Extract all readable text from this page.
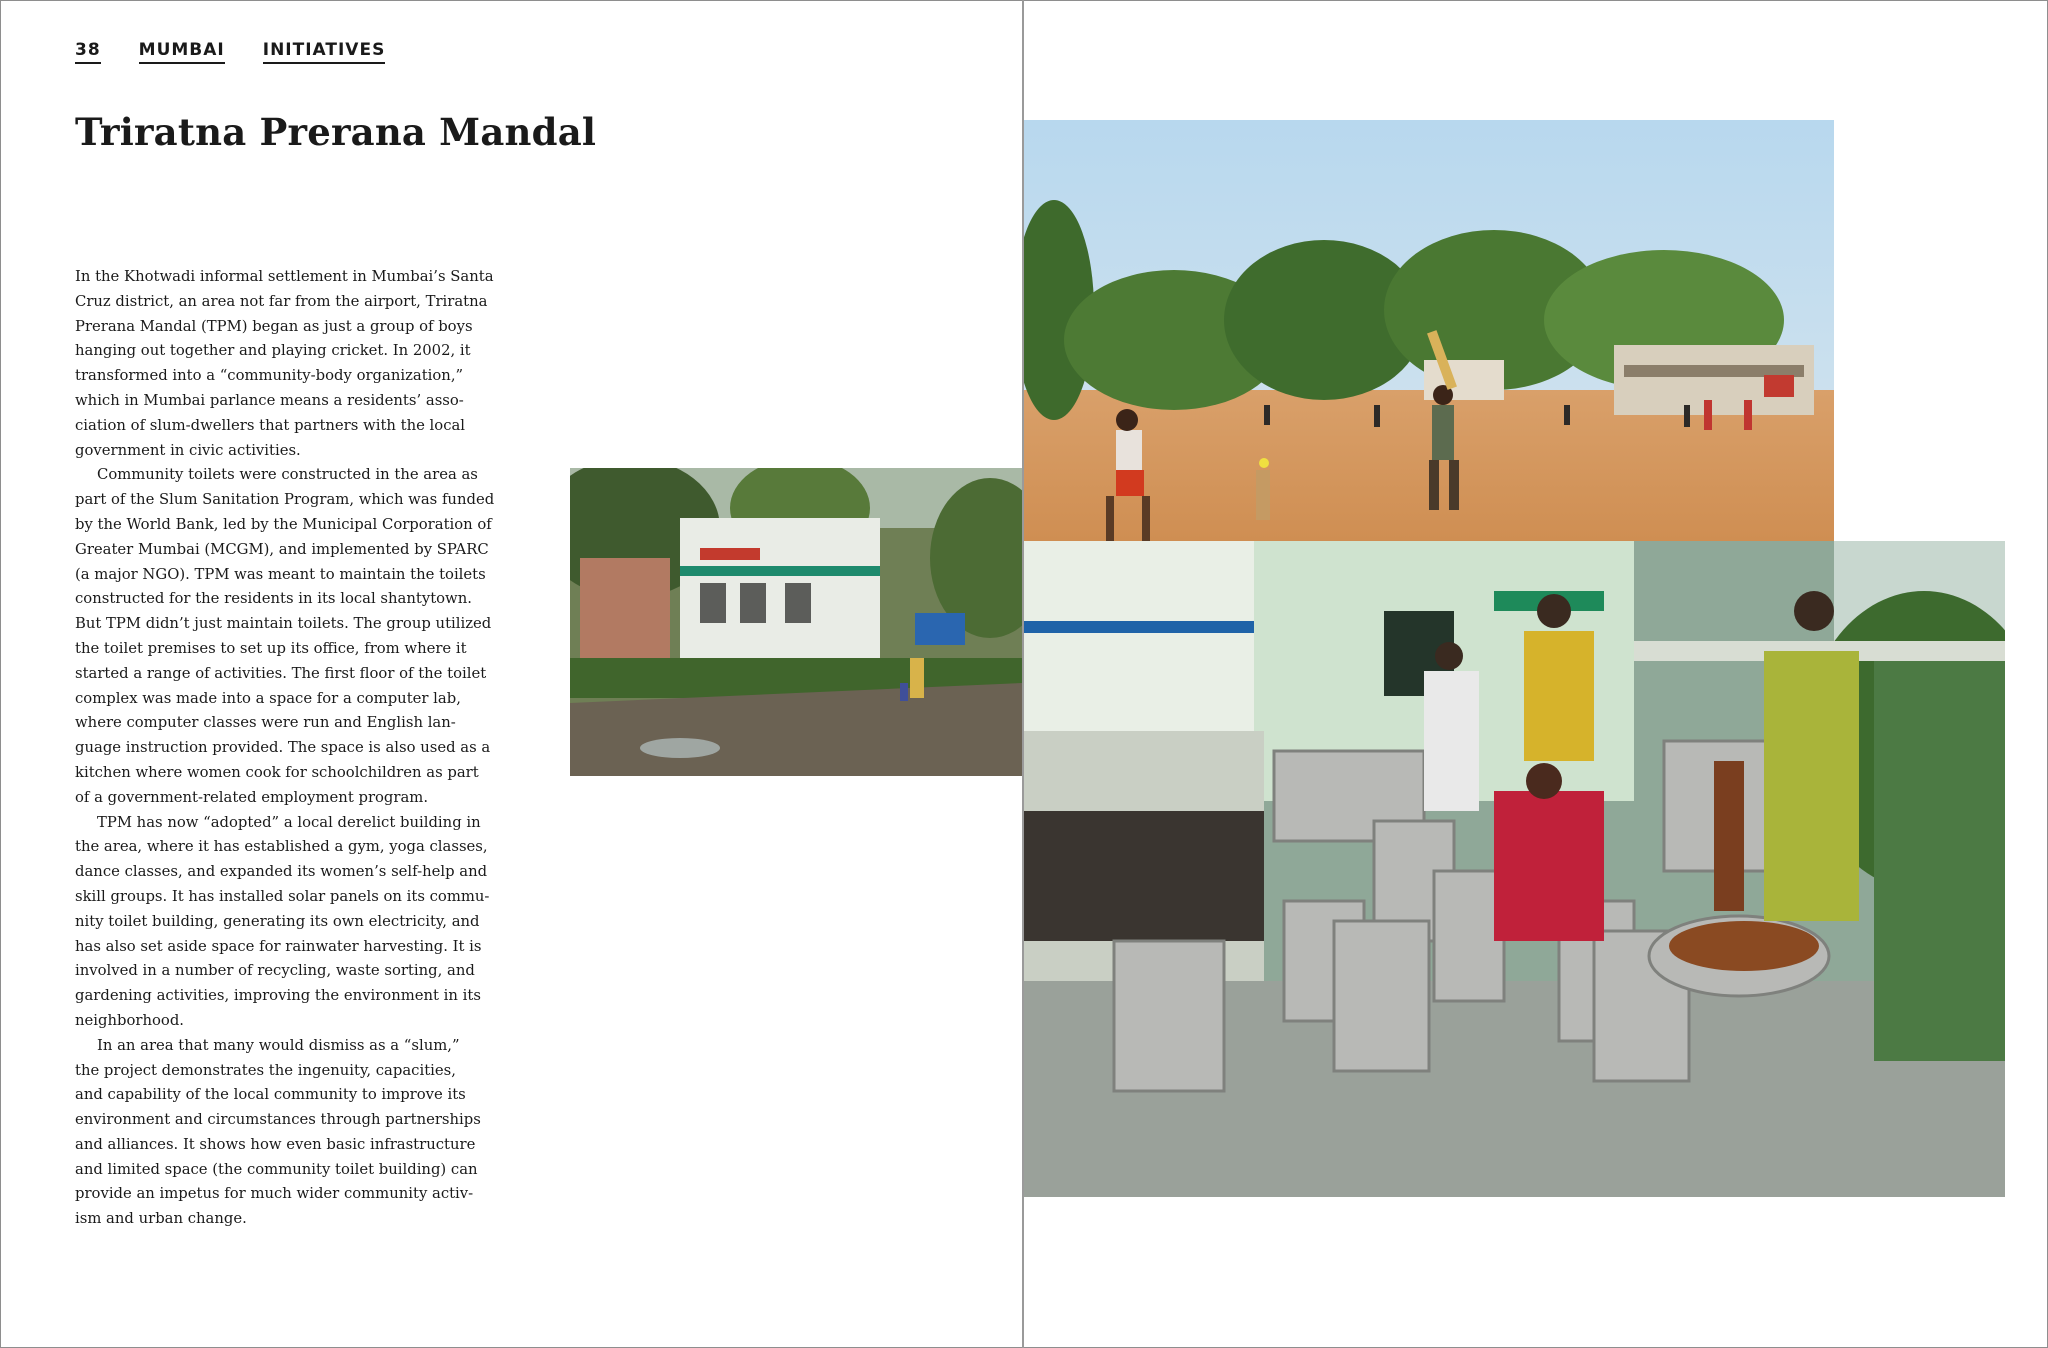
38 MUMBAI INITIATIVES
Triratna Prerana Mandal
In the Khotwadi informal settlement in Mumbai’s Santa
Cruz district, an area not far from the airport, Triratna
Prerana Mandal (TPM) began as just a group of boys
hanging out together and playing cricket. In 2002, it
transformed into a “community-body organization,”
which in Mumbai parlance means a residents’ asso-
ciation of slum-dwellers that partners with the local
government in civic activities.
Community toilets were constructed in the area as
part of the Slum Sanitation Program, which was funded
by the World Bank, led by the Municipal Corporation of
Greater Mumbai (MCGM), and implemented by SPARC
(a major NGO). TPM was meant to maintain the toilets
constructed for the residents in its local shantytown.
But TPM didn’t just maintain toilets. The group utilized
the toilet premises to set up its office, from where it
started a range of activities. The first floor of the toilet
complex was made into a space for a computer lab,
where computer classes were run and English lan-
guage instruction provided. The space is also used as a
kitchen where women cook for schoolchildren as part
of a government-related employment program.
TPM has now “adopted” a local derelict building in
the area, where it has established a gym, yoga classes,
dance classes, and expanded its women’s self-help and
skill groups. It has installed solar panels on its commu-
nity toilet building, generating its own electricity, and
has also set aside space for rainwater harvesting. It is
involved in a number of recycling, waste sorting, and
gardening activities, improving the environment in its
neighborhood.
In an area that many would dismiss as a “slum,”
the project demonstrates the ingenuity, capacities,
and capability of the local community to improve its
environment and circumstances through partnerships
and alliances. It shows how even basic infrastructure
and limited space (the community toilet building) can
provide an impetus for much wider community activ-
ism and urban change.
